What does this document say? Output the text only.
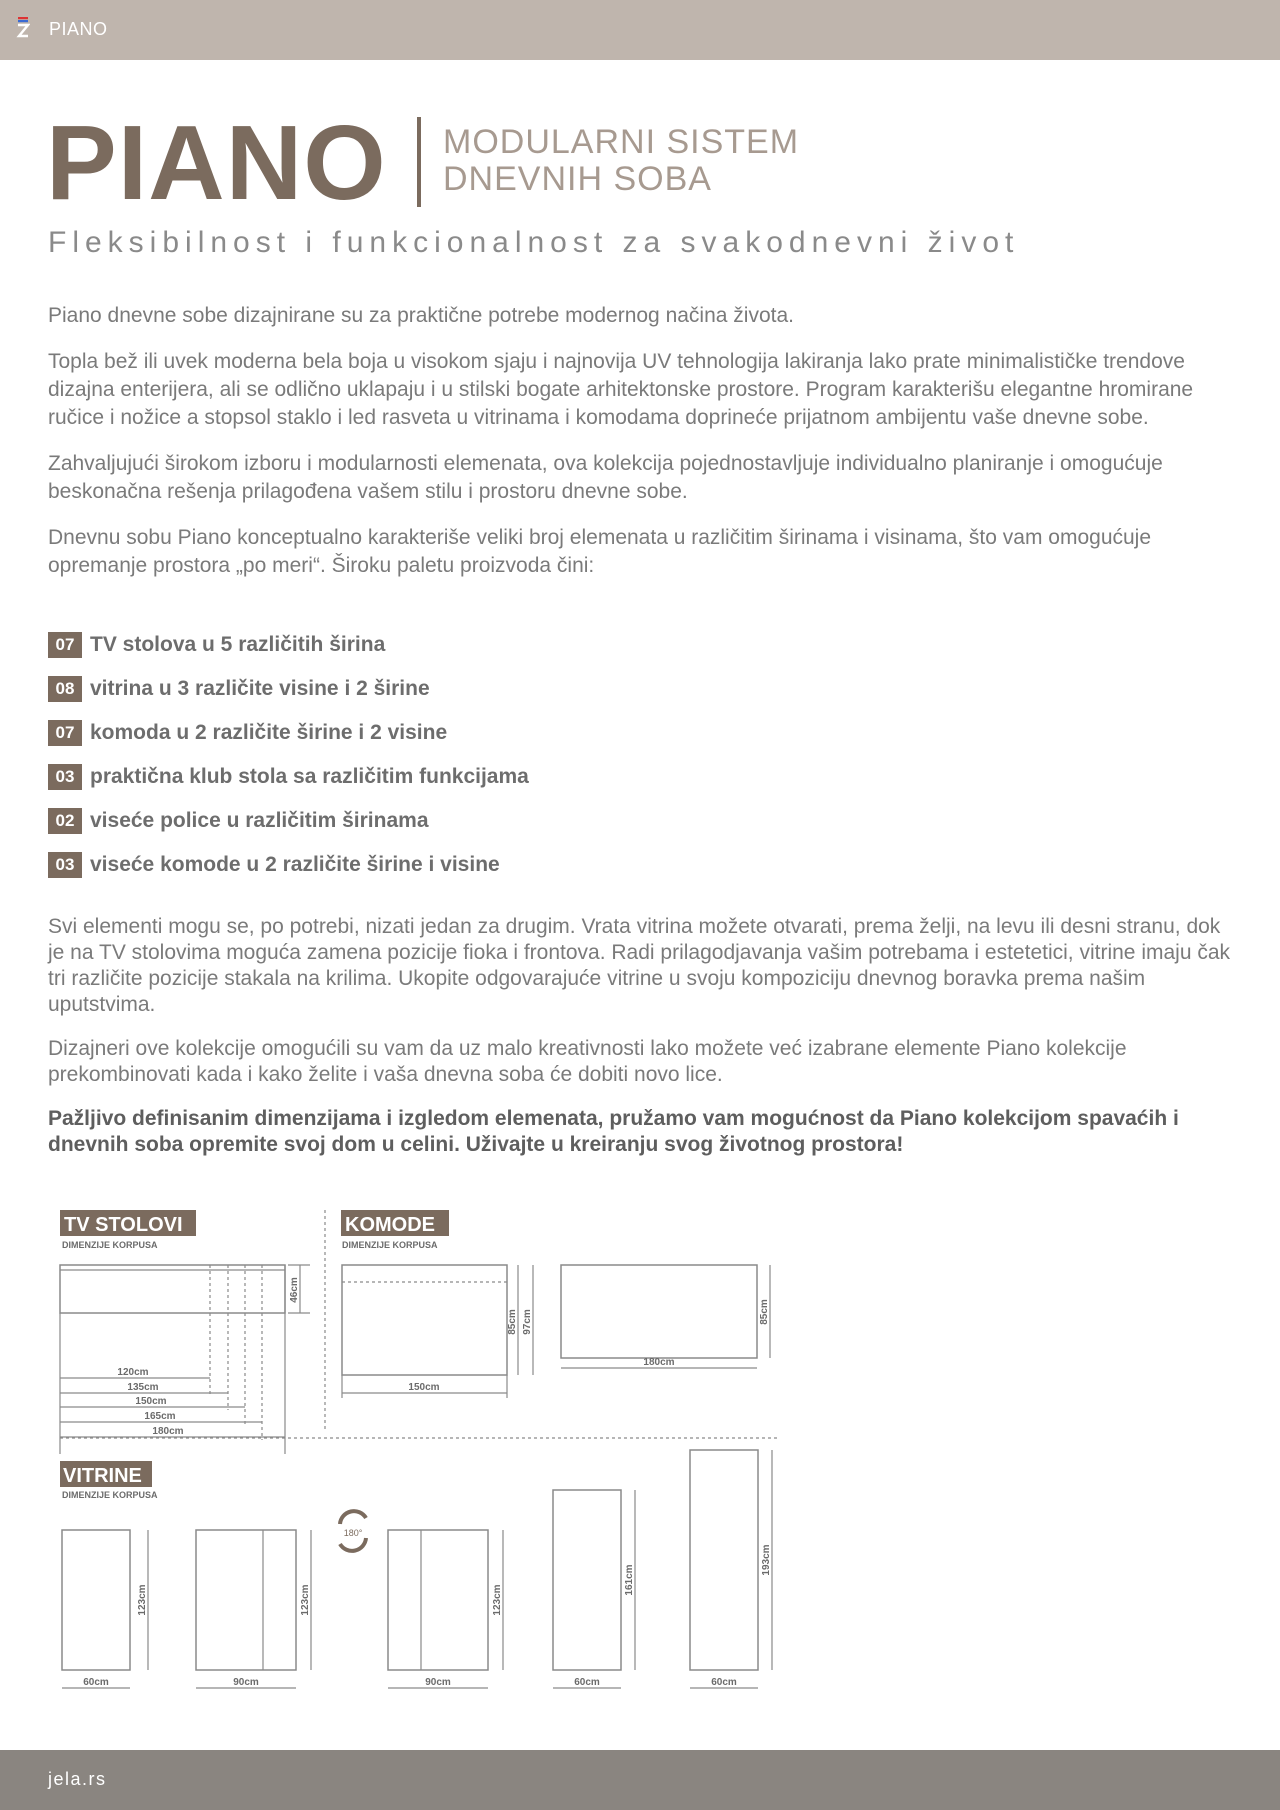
PIANO
PIANO MODULARNI SISTEM
DNEVNIH SOBA
Fleksibilnost i funkcionalnost za svakodnevni život

Piano dnevne sobe dizajnirane su za praktične potrebe modernog načina života.

Topla bež ili uvek moderna bela boja u visokom sjaju i najnovija UV tehnologija lakiranja lako prate minimalističke trendove dizajna enterijera, ali se odlično uklapaju i u stilski bogate arhitektonske prostore. Program karakterišu elegantne hromirane ručice i nožice a stopsol staklo i led rasveta u vitrinama i komodama doprineće prijatnom ambijentu vaše dnevne sobe.

Zahvaljujući širokom izboru i modularnosti elemenata, ova kolekcija pojednostavljuje individualno planiranje i omogućuje beskonačna rešenja prilagođena vašem stilu i prostoru dnevne sobe.

Dnevnu sobu Piano konceptualno karakteriše veliki broj elemenata u različitim širinama i visinama, što vam omogućuje opremanje prostora „po meri“. Široku paletu proizvoda čini:

07 TV stolova u 5 različitih širina
08 vitrina u 3 različite visine i 2 širine
07 komoda u 2 različite širine i 2 visine
03 praktična klub stola sa različitim funkcijama
02 viseće police u različitim širinama
03 viseće komode u 2 različite širine i visine

Svi elementi mogu se, po potrebi, nizati jedan za drugim. Vrata vitrina možete otvarati, prema želji, na levu ili desni stranu, dok je na TV stolovima moguća zamena pozicije fioka i frontova. Radi prilagodjavanja vašim potrebama i estetetici, vitrine imaju čak tri različite pozicije stakala na krilima. Ukopite odgovarajuće vitrine u svoju kompoziciju dnevnog boravka prema našim uputstvima.

Dizajneri ove kolekcije omogućili su vam da uz malo kreativnosti lako možete već izabrane elemente Piano kolekcije prekombinovati kada i kako želite i vaša dnevna soba će dobiti novo lice.

Pažljivo definisanim dimenzijama i izgledom elemenata, pružamo vam mogućnost da Piano kolekcijom spavaćih i dnevnih soba opremite svoj dom u celini. Uživajte u kreiranju svog životnog prostora!

180°
TV STOLOVI
DIMENZIJE KORPUSA
KOMODE
DIMENZIJE KORPUSA
VITRINE
DIMENZIJE KORPUSA
120cm
135cm
150cm
165cm
180cm
46cm
150cm
85cm 97cm
180cm
85cm
60cm
123cm
90cm
123cm
90cm
123cm
60cm
161cm
60cm
193cm
jela.rs
